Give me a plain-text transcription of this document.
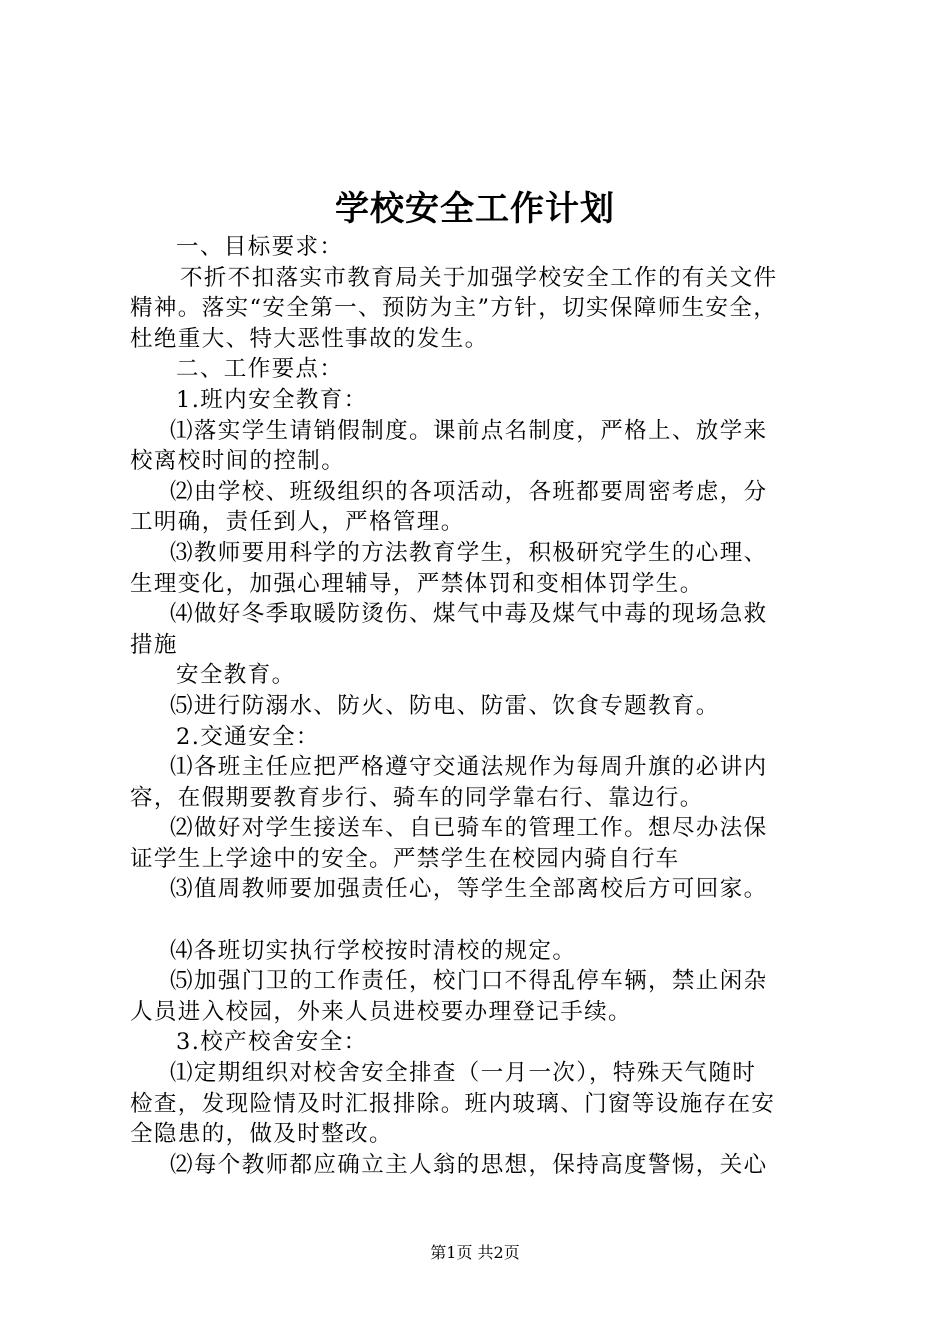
学校安全工作计划
一、目标要求：
不折不扣落实市教育局关于加强学校安全工作的有关文件
精神。落实“安全第一、预防为主”方针，切实保障师生安全，
杜绝重大、特大恶性事故的发生。
二、工作要点：
1.班内安全教育：
⑴落实学生请销假制度。课前点名制度，严格上、放学来
校离校时间的控制。
⑵由学校、班级组织的各项活动，各班都要周密考虑，分
工明确，责任到人，严格管理。
⑶教师要用科学的方法教育学生，积极研究学生的心理、
生理变化，加强心理辅导，严禁体罚和变相体罚学生。
⑷做好冬季取暖防烫伤、煤气中毒及煤气中毒的现场急救
措施
安全教育。
⑸进行防溺水、防火、防电、防雷、饮食专题教育。
2.交通安全：
⑴各班主任应把严格遵守交通法规作为每周升旗的必讲内
容，在假期要教育步行、骑车的同学靠右行、靠边行。
⑵做好对学生接送车、自已骑车的管理工作。想尽办法保
证学生上学途中的安全。严禁学生在校园内骑自行车
⑶值周教师要加强责任心，等学生全部离校后方可回家。
⑷各班切实执行学校按时清校的规定。
⑸加强门卫的工作责任，校门口不得乱停车辆，禁止闲杂
人员进入校园，外来人员进校要办理登记手续。
3.校产校舍安全：
⑴定期组织对校舍安全排查（一月一次），特殊天气随时
检查，发现险情及时汇报排除。班内玻璃、门窗等设施存在安
全隐患的，做及时整改。
⑵每个教师都应确立主人翁的思想，保持高度警惕，关心
第1页 共2页
